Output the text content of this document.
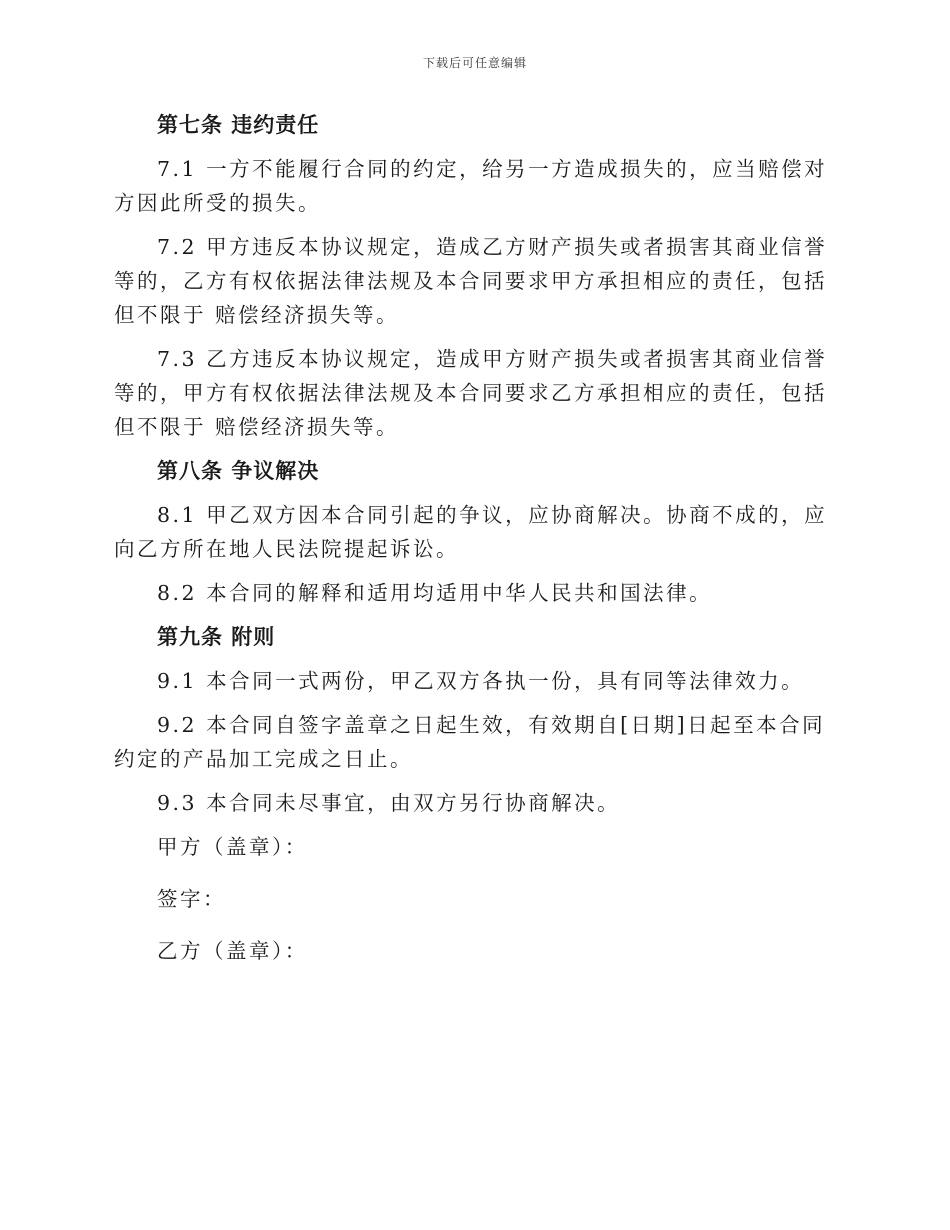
下载后可任意编辑

第七条 违约责任

7.1 一方不能履行合同的约定，给另一方造成损失的，应当赔偿对方因此所受的损失。

7.2 甲方违反本协议规定，造成乙方财产损失或者损害其商业信誉等的，乙方有权依据法律法规及本合同要求甲方承担相应的责任，包括但不限于 赔偿经济损失等。

7.3 乙方违反本协议规定，造成甲方财产损失或者损害其商业信誉等的，甲方有权依据法律法规及本合同要求乙方承担相应的责任，包括但不限于 赔偿经济损失等。

第八条 争议解决

8.1 甲乙双方因本合同引起的争议，应协商解决。协商不成的，应向乙方所在地人民法院提起诉讼。

8.2 本合同的解释和适用均适用中华人民共和国法律。

第九条 附则

9.1 本合同一式两份，甲乙双方各执一份，具有同等法律效力。

9.2 本合同自签字盖章之日起生效，有效期自[日期]日起至本合同约定的产品加工完成之日止。

9.3 本合同未尽事宜，由双方另行协商解决。

甲方（盖章）：

签字：

乙方（盖章）：
